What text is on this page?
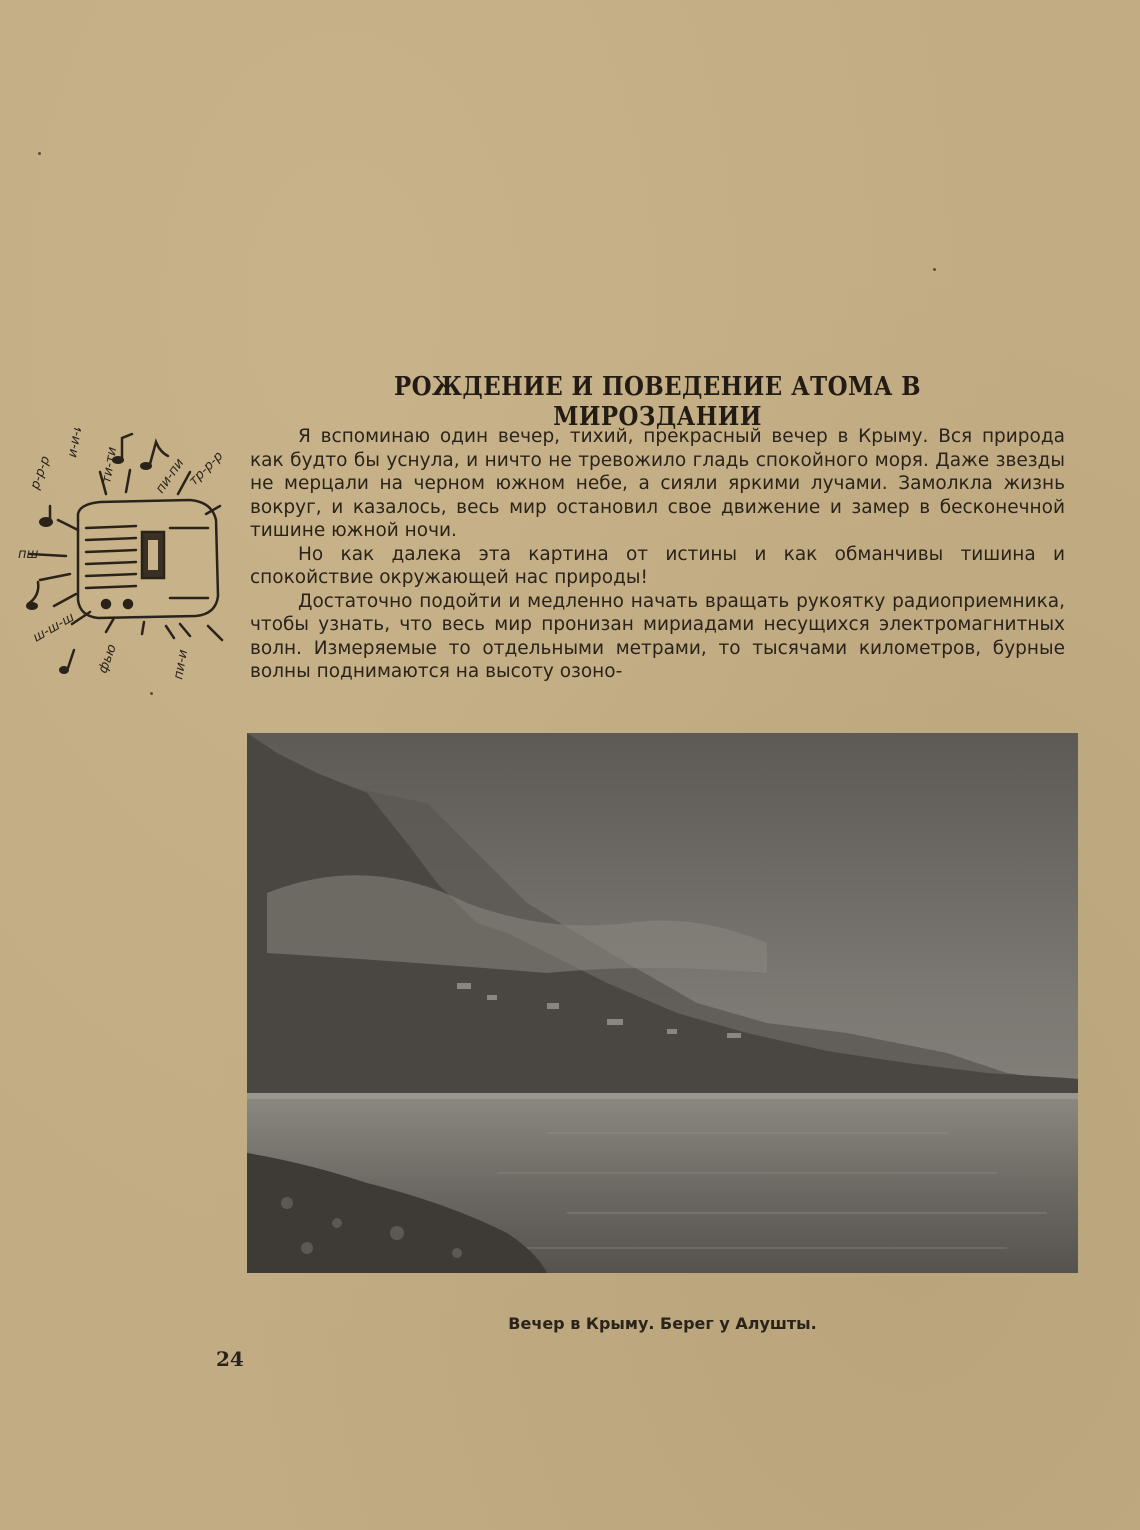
РОЖДЕНИЕ И ПОВЕДЕНИЕ АТОМА В МИРОЗДАНИИ
р-р-р
и-и-и
ти-ти	пи-пи
тр-р-р
пш
ш-ш-ш
фью	пи-и

Я вспоминаю один вечер, тихий, прекрасный вечер в Крыму. Вся природа как будто бы уснула, и ничто не тревожило гладь спокойного моря. Даже звезды не мерцали на черном южном небе, а сияли яркими лучами. Замолкла жизнь вокруг, и казалось, весь мир остановил свое движение и замер в бесконечной тишине южной ночи.

Но как далека эта картина от истины и как обманчивы тишина и спокойствие окружающей нас природы!

Достаточно подойти и медленно начать вращать рукоятку радиоприемника, чтобы узнать, что весь мир пронизан мириадами несущихся электромагнитных волн. Измеряемые то отдельными метрами, то тысячами километров, бурные волны поднимаются на высоту озоно-

Вечер в Крыму. Берег у Алушты.
24
